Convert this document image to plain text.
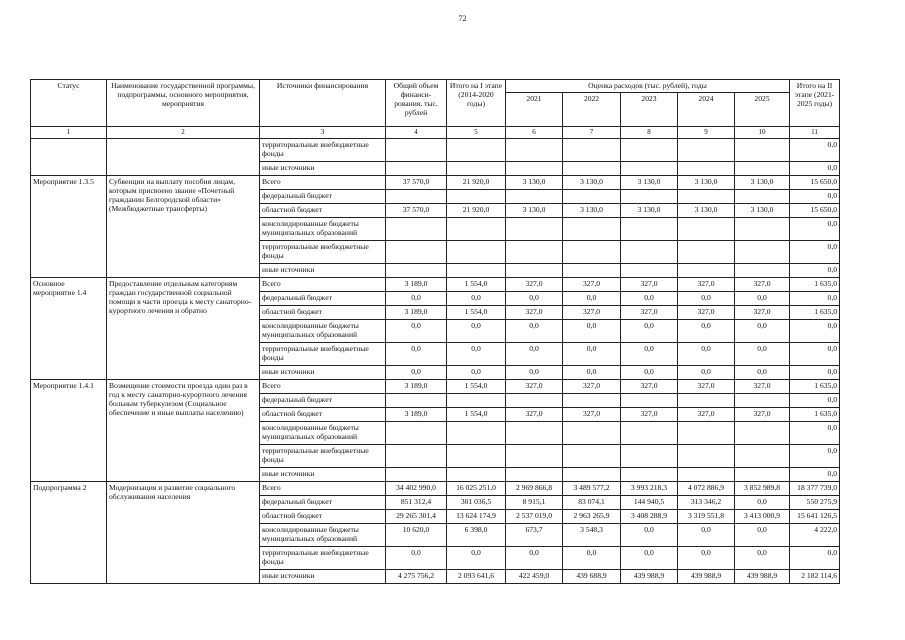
72
Статус	Наименование государственной программы, подпрограммы, основного мероприятия, мероприятия	Источники финансирования	Общий объем финанси-рования, тыс. рублей	Итого на I этапе (2014-2020 годы)	Оценка расходов (тыс. рублей), годы					Итого на II этапе (2021-2025 годы)
					2021	2022	2023	2024	2025	
1	2	3	4	5	6	7	8	9	10	11
		территориальные внебюджетные фонды								0,0
		иные источники								0,0
Мероприятие 1.3.5	Субвенции на выплату пособия лицам, которым присвоено звание «Почетный гражданин Белгородской области» (Межбюджетные трансферты)	Всего	37 570,0	21 920,0	3 130,0	3 130,0	3 130,0	3 130,0	3 130,0	15 650,0
		федеральный бюджет								0,0
		областной бюджет	37 570,0	21 920,0	3 130,0	3 130,0	3 130,0	3 130,0	3 130,0	15 650,0
		консолидированные бюджеты муниципальных образований								0,0
		территориальные внебюджетные фонды								0,0
		иные источники								0,0
Основное мероприятие 1.4	Предоставление отдельным категориям граждан государственной социальной помощи в части проезда к месту санаторно-курортного лечения и обратно	Всего	3 189,0	1 554,0	327,0	327,0	327,0	327,0	327,0	1 635,0
		федеральный бюджет	0,0	0,0	0,0	0,0	0,0	0,0	0,0	0,0
		областной бюджет	3 189,0	1 554,0	327,0	327,0	327,0	327,0	327,0	1 635,0
		консолидированные бюджеты муниципальных образований	0,0	0,0	0,0	0,0	0,0	0,0	0,0	0,0
		территориальные внебюджетные фонды	0,0	0,0	0,0	0,0	0,0	0,0	0,0	0,0
		иные источники	0,0	0,0	0,0	0,0	0,0	0,0	0,0	0,0
Мероприятие 1.4.1	Возмещение стоимости проезда один раз в год к месту санаторно-курортного лечения больным туберкулезом (Социальное обеспечение и иные выплаты населению)	Всего	3 189,0	1 554,0	327,0	327,0	327,0	327,0	327,0	1 635,0
		федеральный бюджет								0,0
		областной бюджет	3 189,0	1 554,0	327,0	327,0	327,0	327,0	327,0	1 635,0
		консолидированные бюджеты муниципальных образований								0,0
		территориальные внебюджетные фонды								0,0
		иные источники								0,0
Подпрограмма 2	Модернизация и развитие социального обслуживания населения	Всего	34 402 990,0	16 025 251,0	2 969 866,8	3 489 577,2	3 993 218,3	4 072 886,9	3 852 989,8	18 377 739,0
		федеральный бюджет	851 312,4	301 036,5	8 915,1	83 074,1	144 940,5	313 346,2	0,0	550 275,9
		областной бюджет	29 265 301,4	13 624 174,9	2 537 019,0	2 963 265,9	3 408 288,9	3 319 551,8	3 413 000,9	15 641 126,5
		консолидированные бюджеты муниципальных образований	10 620,0	6 398,0	673,7	3 548,3	0,0	0,0	0,0	4 222,0
		территориальные внебюджетные фонды	0,0	0,0	0,0	0,0	0,0	0,0	0,0	0,0
		иные источники	4 275 756,2	2 093 641,6	422 459,0	439 688,9	439 988,9	439 988,9	439 988,9	2 182 114,6
